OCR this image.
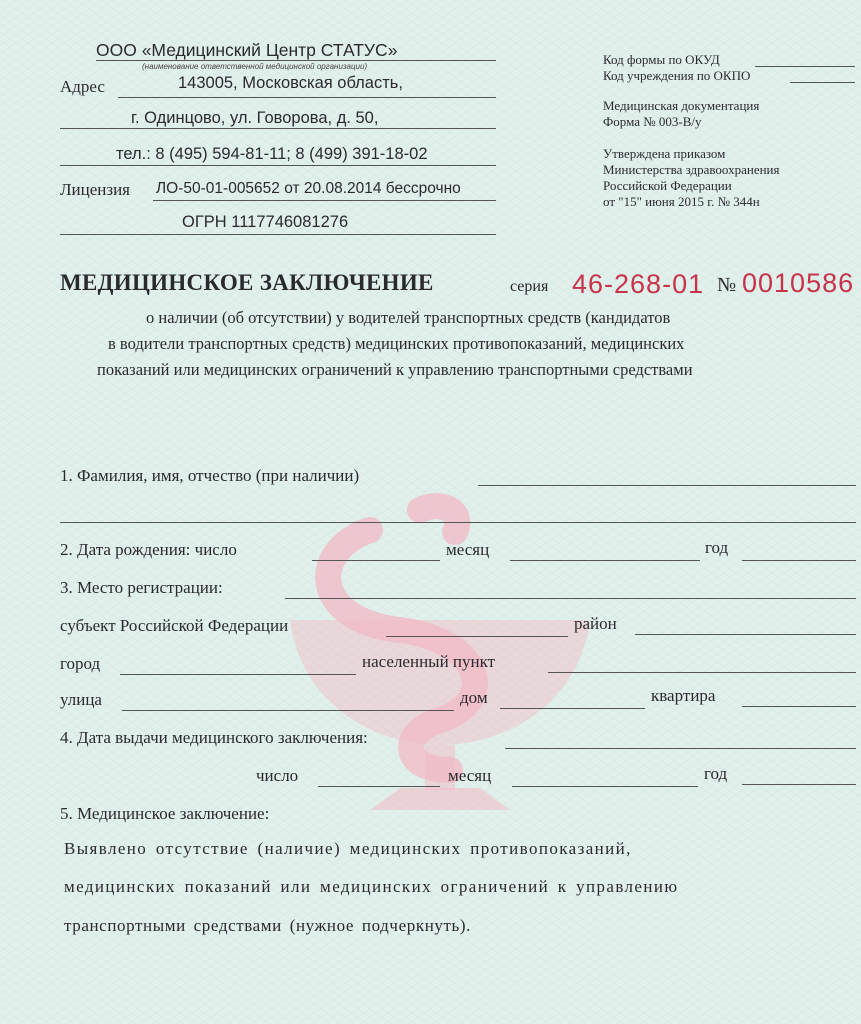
ООО «Медицинский Центр СТАТУС»
(наименование ответственной медицинской организации)
Адрес	143005, Московская область,
г. Одинцово, ул. Говорова, д. 50,
тел.: 8 (495) 594-81-11; 8 (499) 391-18-02
Лицензия ЛО-50-01-005652 от 20.08.2014 бессрочно
ОГРН 1117746081276
Код формы по ОКУД
Код учреждения по ОКПО
Медицинская документация
Форма № 003-В/у
Утверждена приказом
Министерства здравоохранения
Российской Федерации
от "15" июня 2015 г. № 344н
МЕДИЦИНСКОЕ ЗАКЛЮЧЕНИЕ	серия 46-268-01 № 0010586
о наличии (об отсутствии) у водителей транспортных средств (кандидатов
в водители транспортных средств) медицинских противопоказаний, медицинских
показаний или медицинских ограничений к управлению транспортными средствами
1. Фамилия, имя, отчество (при наличии)
2. Дата рождения: число	месяц	год
3. Место регистрации:
субъект Российской Федерации	район
город	населенный пункт
улица	дом	квартира
4. Дата выдачи медицинского заключения:
число	месяц	год
5. Медицинское заключение:
Выявлено отсутствие (наличие) медицинских противопоказаний,
медицинских показаний или медицинских ограничений к управлению
транспортными средствами (нужное подчеркнуть).
